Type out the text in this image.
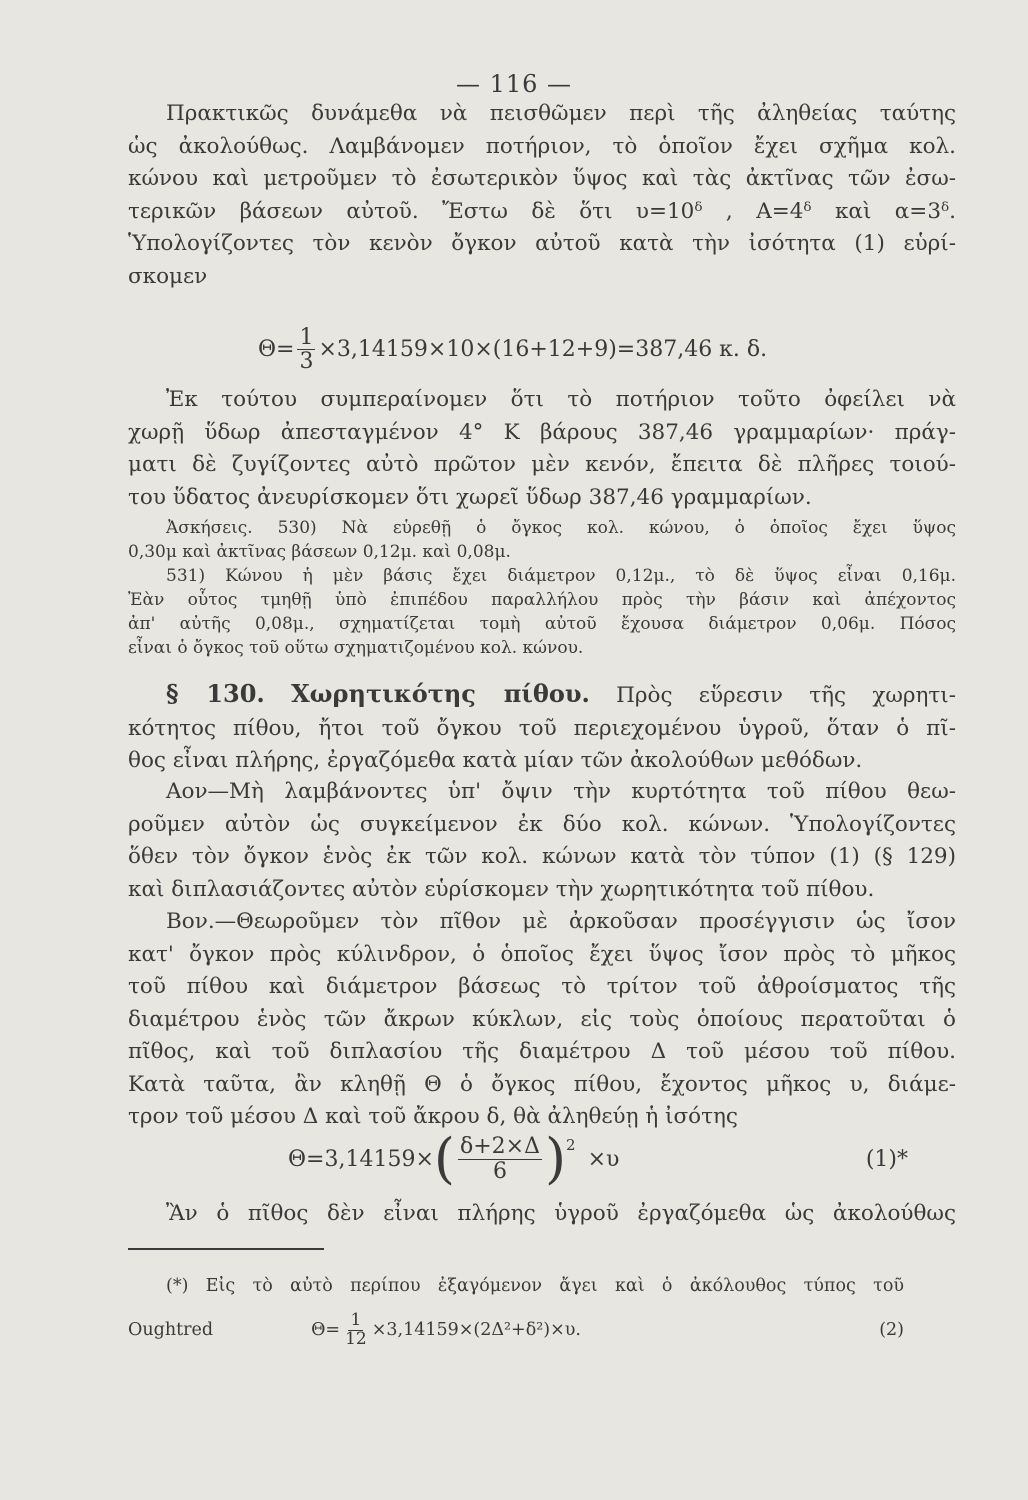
— 116 —
Πρακτικῶς δυνάμεθα νὰ πεισθῶμεν περὶ τῆς ἀληθείας ταύτης
ὡς ἀκολούθως. Λαμβάνομεν ποτήριον, τὸ ὁποῖον ἔχει σχῆμα κολ.
κώνου καὶ μετροῦμεν τὸ ἐσωτερικὸν ὕψος καὶ τὰς ἀκτῖνας τῶν ἐσω-
τερικῶν βάσεων αὐτοῦ. Ἔστω δὲ ὅτι υ=10ᵟ , Α=4ᵟ καὶ α=3ᵟ.
Ὑπολογίζοντες τὸν κενὸν ὄγκον αὐτοῦ κατὰ τὴν ἰσότητα (1) εὑρί-
σκομεν
$\Theta= \frac{1}{3} \times 3,14159\times 10\times(16+12+9)=387,46$ κ. δ.
Ἐκ τούτου συμπεραίνομεν ὅτι τὸ ποτήριον τοῦτο ὀφείλει νὰ
χωρῇ ὕδωρ ἀπεσταγμένον 4° Κ βάρους 387,46 γραμμαρίων· πράγ-
ματι δὲ ζυγίζοντες αὐτὸ πρῶτον μὲν κενόν, ἔπειτα δὲ πλῆρες τοιού-
του ὕδατος ἀνευρίσκομεν ὅτι χωρεῖ ὕδωρ 387,46 γραμμαρίων.
Ἀσκήσεις. 530) Νὰ εὑρεθῇ ὁ ὄγκος κολ. κώνου, ὁ ὁποῖος ἔχει ὕψος
0,30μ καὶ ἀκτῖνας βάσεων 0,12μ. καὶ 0,08μ.
531) Κώνου ἡ μὲν βάσις ἔχει διάμετρον 0,12μ., τὸ δὲ ὕψος εἶναι 0,16μ.
Ἐὰν οὗτος τμηθῇ ὑπὸ ἐπιπέδου παραλλήλου πρὸς τὴν βάσιν καὶ ἀπέχοντος
ἀπ' αὐτῆς 0,08μ., σχηματίζεται τομὴ αὐτοῦ ἔχουσα διάμετρον 0,06μ. Πόσος
εἶναι ὁ ὄγκος τοῦ οὕτω σχηματιζομένου κολ. κώνου.
§ 130. Χωρητικότης πίθου. Πρὸς εὕρεσιν τῆς χωρητι-
κότητος πίθου, ἤτοι τοῦ ὄγκου τοῦ περιεχομένου ὑγροῦ, ὅταν ὁ πῖ-
θος εἶναι πλήρης, ἐργαζόμεθα κατὰ μίαν τῶν ἀκολούθων μεθόδων.
Αον—Μὴ λαμβάνοντες ὑπ' ὄψιν τὴν κυρτότητα τοῦ πίθου θεω-
ροῦμεν αὐτὸν ὡς συγκείμενον ἐκ δύο κολ. κώνων. Ὑπολογίζοντες
ὅθεν τὸν ὄγκον ἑνὸς ἐκ τῶν κολ. κώνων κατὰ τὸν τύπον (1) (§ 129)
καὶ διπλασιάζοντες αὐτὸν εὑρίσκομεν τὴν χωρητικότητα τοῦ πίθου.
Βον.—Θεωροῦμεν τὸν πῖθον μὲ ἀρκοῦσαν προσέγγισιν ὡς ἴσον
κατ' ὄγκον πρὸς κύλινδρον, ὁ ὁποῖος ἔχει ὕψος ἴσον πρὸς τὸ μῆκος
τοῦ πίθου καὶ διάμετρον βάσεως τὸ τρίτον τοῦ ἀθροίσματος τῆς
διαμέτρου ἑνὸς τῶν ἄκρων κύκλων, εἰς τοὺς ὁποίους περατοῦται ὁ
πῖθος, καὶ τοῦ διπλασίου τῆς διαμέτρου Δ τοῦ μέσου τοῦ πίθου.
Κατὰ ταῦτα, ἂν κληθῇ Θ ὁ ὄγκος πίθου, ἔχοντος μῆκος υ, διάμε-
τρον τοῦ μέσου Δ καὶ τοῦ ἄκρου δ, θὰ ἀληθεύῃ ἡ ἰσότης
Θ=3,14159× ( $\frac{\delta+2\times\Delta}{6}$ ) 2
×υ	(1)*
Ἂν ὁ πῖθος δὲν εἶναι πλήρης ὑγροῦ ἐργαζόμεθα ὡς ἀκολούθως
(*) Εἰς τὸ αὐτὸ περίπου ἐξαγόμενον ἄγει καὶ ὁ ἀκόλουθος τύπος τοῦ
Oughtred	$\Theta= \frac{1}{12} \times 3,14159\times(2\Delta^2+\delta^2)\times\upsilon$.	(2)
